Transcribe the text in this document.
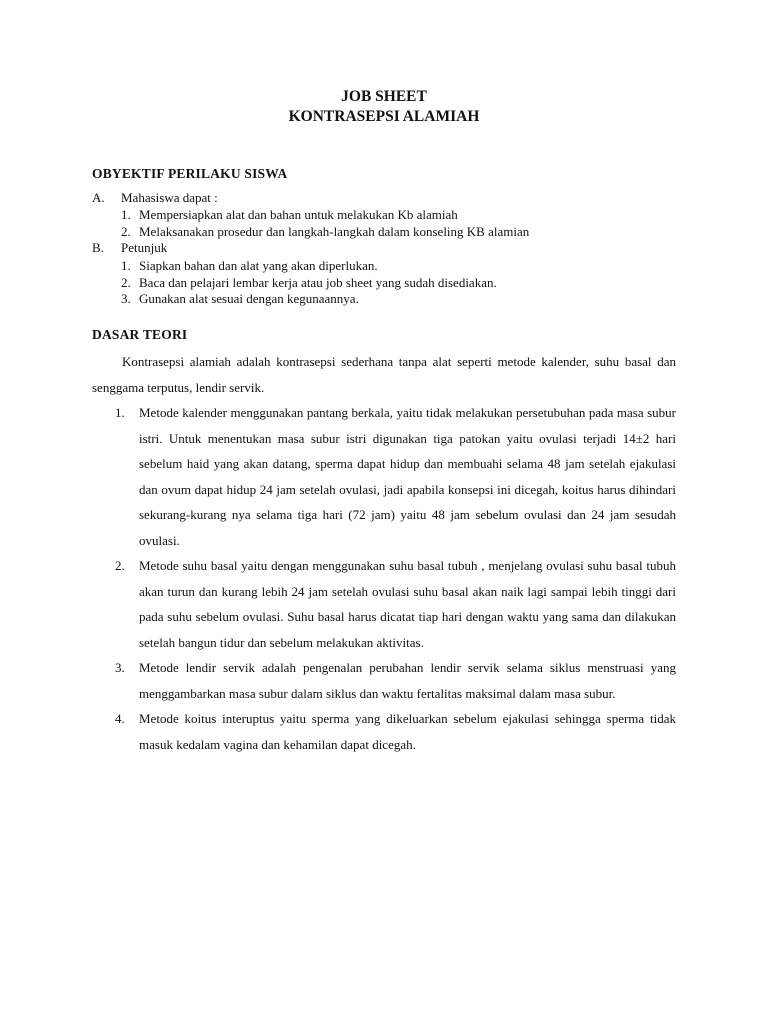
JOB SHEET
KONTRASEPSI ALAMIAH
OBYEKTIF PERILAKU SISWA
A. Mahasiswa dapat :
1. Mempersiapkan alat dan bahan untuk melakukan Kb alamiah
2. Melaksanakan prosedur dan langkah-langkah dalam konseling KB alamian
B. Petunjuk
1. Siapkan bahan dan alat yang akan diperlukan.
2. Baca dan pelajari lembar kerja atau job sheet yang sudah disediakan.
3. Gunakan alat sesuai dengan kegunaannya.
DASAR TEORI

Kontrasepsi alamiah adalah kontrasepsi sederhana tanpa alat seperti metode kalender, suhu basal dan senggama terputus, lendir servik.

1. Metode kalender menggunakan pantang berkala, yaitu tidak melakukan persetubuhan pada masa subur istri. Untuk menentukan masa subur istri digunakan tiga patokan yaitu ovulasi terjadi 14±2 hari sebelum haid yang akan datang, sperma dapat hidup dan membuahi selama 48 jam setelah ejakulasi dan ovum dapat hidup 24 jam setelah ovulasi, jadi apabila konsepsi ini dicegah, koitus harus dihindari sekurang-kurang nya selama tiga hari (72 jam) yaitu 48 jam sebelum ovulasi dan 24 jam sesudah ovulasi.
2. Metode suhu basal yaitu dengan menggunakan suhu basal tubuh , menjelang ovulasi suhu basal tubuh akan turun dan kurang lebih 24 jam setelah ovulasi suhu basal akan naik lagi sampai lebih tinggi dari pada suhu sebelum ovulasi. Suhu basal harus dicatat tiap hari dengan waktu yang sama dan dilakukan setelah bangun tidur dan sebelum melakukan aktivitas.
3. Metode lendir servik adalah pengenalan perubahan lendir servik selama siklus menstruasi yang menggambarkan masa subur dalam siklus dan waktu fertalitas maksimal dalam masa subur.
4. Metode koitus interuptus yaitu sperma yang dikeluarkan sebelum ejakulasi sehingga sperma tidak masuk kedalam vagina dan kehamilan dapat dicegah.
